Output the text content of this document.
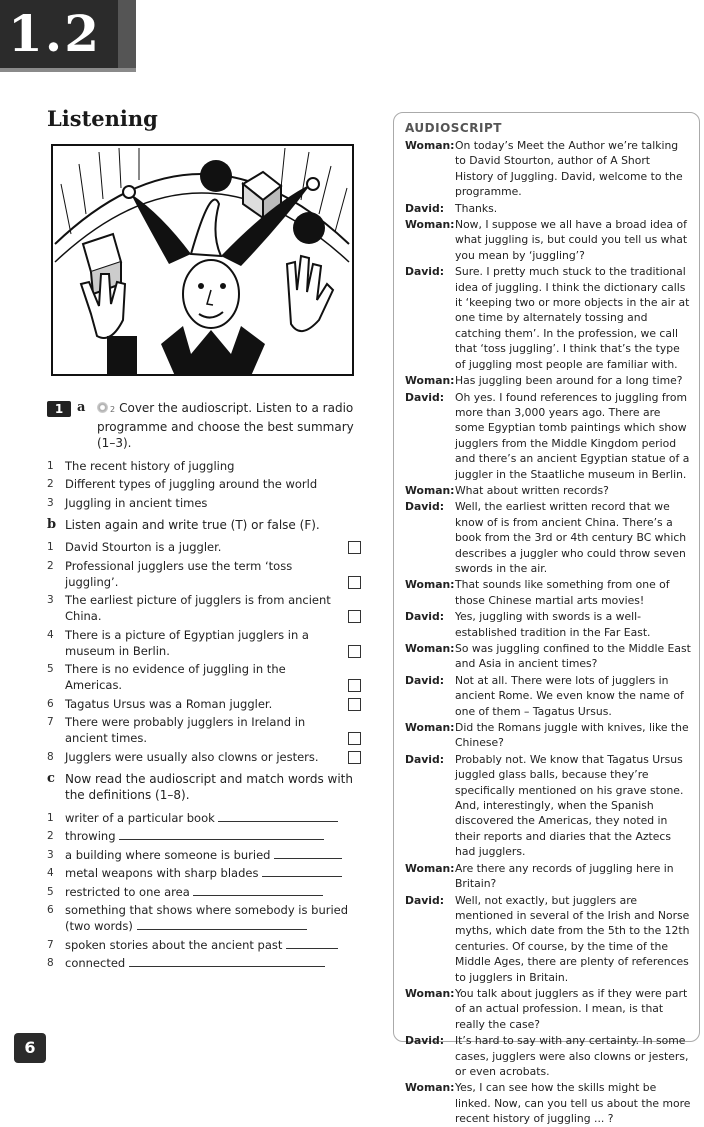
1.2
Listening
1	a	2 Cover the audioscript. Listen to a radio programme and choose the best summary (1–3).
1 The recent history of juggling
2 Different types of juggling around the world
3 Juggling in ancient times
b Listen again and write true (T) or false (F).
1 David Stourton is a juggler.
2 Professional jugglers use the term ‘toss juggling’.
3 The earliest picture of jugglers is from ancient China.
4 There is a picture of Egyptian jugglers in a museum in Berlin.
5 There is no evidence of juggling in the Americas.
6 Tagatus Ursus was a Roman juggler.
7 There were probably jugglers in Ireland in ancient times.
8 Jugglers were usually also clowns or jesters.
c Now read the audioscript and match words with the definitions (1–8).
1 writer of a particular book
2 throwing
3 a building where someone is buried
4 metal weapons with sharp blades
5 restricted to one area
6 something that shows where somebody is buried (two words)
7 spoken stories about the ancient past
8 connected
AUDIOSCRIPT
Woman: On today’s Meet the Author we’re talking to David Stourton, author of A Short History of Juggling. David, welcome to the programme.
David: Thanks.
Woman: Now, I suppose we all have a broad idea of what juggling is, but could you tell us what you mean by ‘juggling’?
David: Sure. I pretty much stuck to the traditional idea of juggling. I think the dictionary calls it ‘keeping two or more objects in the air at one time by alternately tossing and catching them’. In the profession, we call that ‘toss juggling’. I think that’s the type of juggling most people are familiar with.
Woman: Has juggling been around for a long time?
David: Oh yes. I found references to juggling from more than 3,000 years ago. There are some Egyptian tomb paintings which show jugglers from the Middle Kingdom period and there’s an ancient Egyptian statue of a juggler in the Staatliche museum in Berlin.
Woman: What about written records?
David: Well, the earliest written record that we know of is from ancient China. There’s a book from the 3rd or 4th century BC which describes a juggler who could throw seven swords in the air.
Woman: That sounds like something from one of those Chinese martial arts movies!
David: Yes, juggling with swords is a well-established tradition in the Far East.
Woman: So was juggling confined to the Middle East and Asia in ancient times?
David: Not at all. There were lots of jugglers in ancient Rome. We even know the name of one of them – Tagatus Ursus.
Woman: Did the Romans juggle with knives, like the Chinese?
David: Probably not. We know that Tagatus Ursus juggled glass balls, because they’re specifically mentioned on his grave stone. And, interestingly, when the Spanish discovered the Americas, they noted in their reports and diaries that the Aztecs had jugglers.
Woman: Are there any records of juggling here in Britain?
David: Well, not exactly, but jugglers are mentioned in several of the Irish and Norse myths, which date from the 5th to the 12th centuries. Of course, by the time of the Middle Ages, there are plenty of references to jugglers in Britain.
Woman: You talk about jugglers as if they were part of an actual profession. I mean, is that really the case?
David: It’s hard to say with any certainty. In some cases, jugglers were also clowns or jesters, or even acrobats.
Woman: Yes, I can see how the skills might be linked. Now, can you tell us about the more recent history of juggling ... ?
6
